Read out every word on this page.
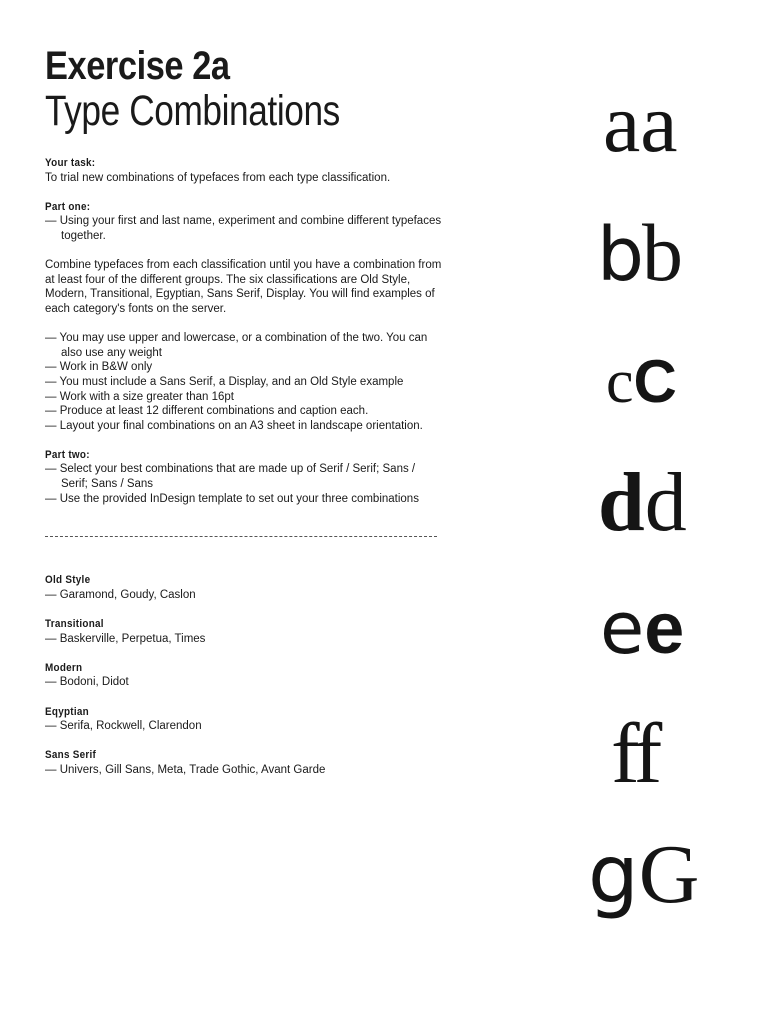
Exercise 2a
Type Combinations
Your task:

To trial new combinations of typefaces from each type classification.

Part one:

— Using your first and last name, experiment and combine different typefaces together.

Combine typefaces from each classification until you have a combination from at least four of the different groups. The six classifications are Old Style, Modern, Transitional, Egyptian, Sans Serif, Display. You will find examples of each category's fonts on the server.

— You may use upper and lowercase, or a combination of the two. You can also use any weight

— Work in B&W only

— You must include a Sans Serif, a Display, and an Old Style example

— Work with a size greater than 16pt

— Produce at least 12 different combinations and caption each.

— Layout your final combinations on an A3 sheet in landscape orientation.

Part two:

— Select your best combinations that are made up of Serif / Serif; Sans / Serif; Sans / Sans

— Use the provided InDesign template to set out your three combinations

Old Style

— Garamond, Goudy, Caslon

Transitional

— Baskerville, Perpetua, Times

Modern

— Bodoni, Didot

Eqyptian

— Serifa, Rockwell, Clarendon

Sans Serif

— Univers, Gill Sans, Meta, Trade Gothic, Avant Garde

aa
bb
cC
dd
ee
ff
gG
